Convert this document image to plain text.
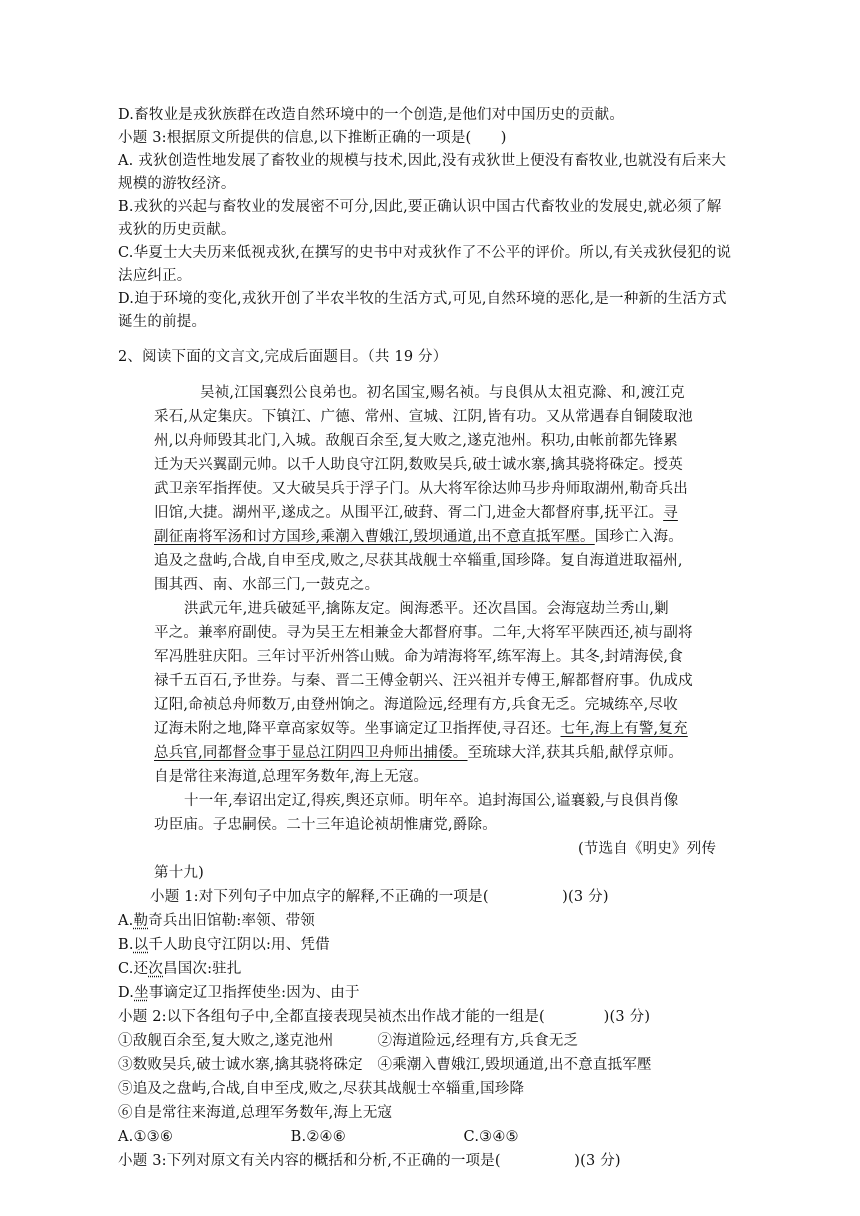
D.畜牧业是戎狄族群在改造自然环境中的一个创造,是他们对中国历史的贡献。
小题 3:根据原文所提供的信息,以下推断正确的一项是(　　)
A. 戎狄创造性地发展了畜牧业的规模与技术,因此,没有戎狄世上便没有畜牧业,也就没有后来大
规模的游牧经济。
B.戎狄的兴起与畜牧业的发展密不可分,因此,要正确认识中国古代畜牧业的发展史,就必须了解
戎狄的历史贡献。
C.华夏士大夫历来低视戎狄,在撰写的史书中对戎狄作了不公平的评价。所以,有关戎狄侵犯的说
法应纠正。
D.迫于环境的变化,戎狄开创了半农半牧的生活方式,可见,自然环境的恶化,是一种新的生活方式
诞生的前提。
2、阅读下面的文言文,完成后面题目。（共 19 分）
吴祯,江国襄烈公良弟也。初名国宝,赐名祯。与良俱从太祖克滁、和,渡江克
采石,从定集庆。下镇江、广德、常州、宣城、江阴,皆有功。又从常遇春自铜陵取池
州,以舟师毁其北门,入城。敌舰百余至,复大败之,遂克池州。积功,由帐前都先锋累
迁为天兴翼副元帅。以千人助良守江阴,数败吴兵,破士诚水寨,擒其骁将硃定。授英
武卫亲军指挥使。又大破吴兵于浮子门。从大将军徐达帅马步舟师取湖州,勒奇兵出
旧馆,大捷。湖州平,遂成之。从围平江,破葑、胥二门,进金大都督府事,抚平江。寻
副征南将军汤和讨方国珍,乘潮入曹娥江,毁坝通道,出不意直抵军壓。国珍亡入海。
追及之盘屿,合战,自申至戌,败之,尽获其战舰士卒辎重,国珍降。复自海道进取福州,
围其西、南、水部三门,一鼓克之。
洪武元年,进兵破延平,擒陈友定。闽海悉平。还次昌国。会海寇劫兰秀山,剿
平之。兼率府副使。寻为吴王左相兼金大都督府事。二年,大将军平陕西还,祯与副将
军冯胜驻庆阳。三年讨平沂州答山贼。命为靖海将军,练军海上。其冬,封靖海侯,食
禄千五百石,予世券。与秦、晋二王傅金朝兴、汪兴祖并专傅王,解都督府事。仇成戍
辽阳,命祯总舟师数万,由登州饷之。海道险远,经理有方,兵食无乏。完城练卒,尽收
辽海未附之地,降平章高家奴等。坐事谪定辽卫指挥使,寻召还。七年,海上有警,复充
总兵官,同都督佥事于显总江阴四卫舟师出捕倭。至琉球大洋,获其兵船,献俘京师。
自是常往来海道,总理军务数年,海上无寇。
十一年,奉诏出定辽,得疾,舆还京师。明年卒。追封海国公,谥襄毅,与良俱肖像
功臣庙。子忠嗣侯。二十三年追论祯胡惟庸党,爵除。
(节选自《明史》列传
第十九)
小题 1:对下列句子中加点字的解释,不正确的一项是(　　　　　)(3 分)
A.勒奇兵出旧馆勒:率领、带领
B.以千人助良守江阴以:用、凭借
C.还次昌国次:驻扎
D.坐事谪定辽卫指挥使坐:因为、由于
小题 2:以下各组句子中,全都直接表现吴祯杰出作战才能的一组是(　　　　)(3 分)
①敌舰百余至,复大败之,遂克池州　　　②海道险远,经理有方,兵食无乏
③数败吴兵,破士诚水寨,擒其骁将硃定　④乘潮入曹娥江,毁坝通道,出不意直抵军壓
⑤追及之盘屿,合战,自申至戌,败之,尽获其战舰士卒辎重,国珍降
⑥自是常往来海道,总理军务数年,海上无寇
A.①③⑥　　　　　　　　B.②④⑥　　　　　　　　C.③④⑤
小题 3:下列对原文有关内容的概括和分析,不正确的一项是(　　　　　)(3 分)
